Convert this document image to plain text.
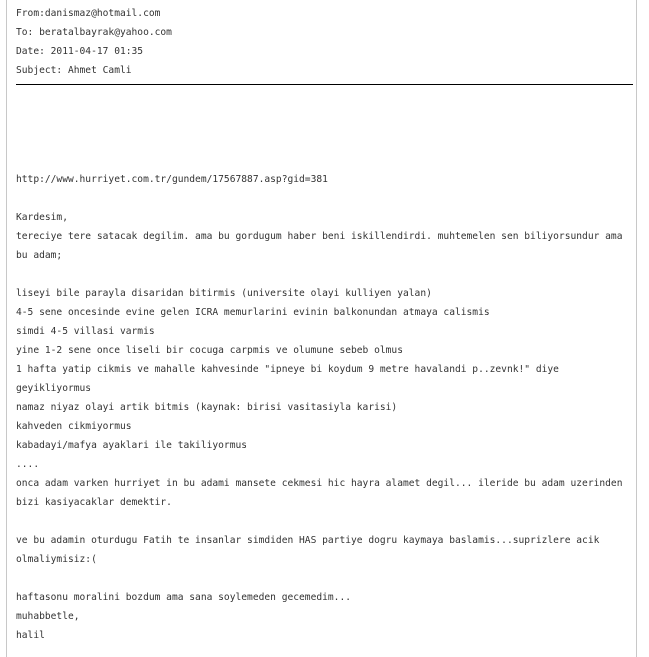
From:danismaz@hotmail.com
To: beratalbayrak@yahoo.com
Date: 2011-04-17 01:35
Subject: Ahmet Camli
http://www.hurriyet.com.tr/gundem/17567887.asp?gid=381
Kardesim,
tereciye tere satacak degilim. ama bu gordugum haber beni iskillendirdi. muhtemelen sen biliyorsundur ama bu adam;
liseyi bile parayla disaridan bitirmis (universite olayi kulliyen yalan)
4-5 sene oncesinde evine gelen ICRA memurlarini evinin balkonundan atmaya calismis
simdi 4-5 villasi varmis
yine 1-2 sene once liseli bir cocuga carpmis ve olumune sebeb olmus
1 hafta yatip cikmis ve mahalle kahvesinde "ipneye bi koydum 9 metre havalandi p..zevnk!" diye geyikliyormus
namaz niyaz olayi artik bitmis (kaynak: birisi vasitasiyla karisi)
kahveden cikmiyormus
kabadayi/mafya ayaklari ile takiliyormus
....
onca adam varken hurriyet in bu adami mansete cekmesi hic hayra alamet degil... ileride bu adam uzerinden bizi kasiyacaklar demektir.
ve bu adamin oturdugu Fatih te insanlar simdiden HAS partiye dogru kaymaya baslamis...suprizlere acik olmaliymisiz:(
haftasonu moralini bozdum ama sana soylemeden gecemedim...
muhabbetle,
halil
